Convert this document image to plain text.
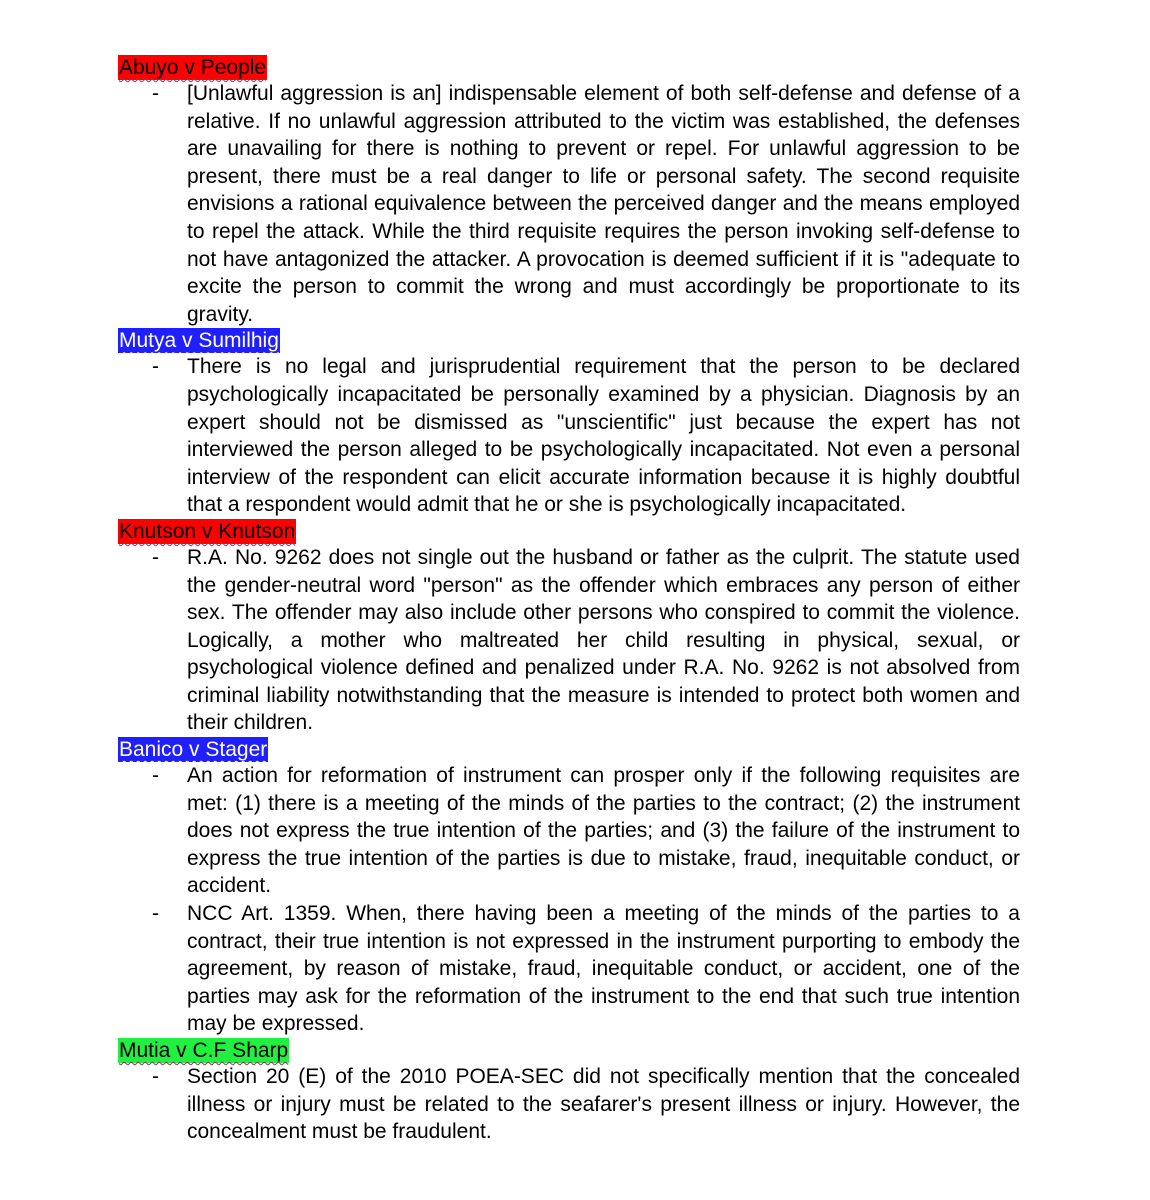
Abuyo v People
- [Unlawful aggression is an] indispensable element of both self-defense and defense of a relative. If no unlawful aggression attributed to the victim was established, the defenses are unavailing for there is nothing to prevent or repel. For unlawful aggression to be present, there must be a real danger to life or personal safety. The second requisite envisions a rational equivalence between the perceived danger and the means employed to repel the attack. While the third requisite requires the person invoking self-defense to not have antagonized the attacker. A provocation is deemed sufficient if it is "adequate to excite the person to commit the wrong and must accordingly be proportionate to its gravity.
Mutya v Sumilhig
- There is no legal and jurisprudential requirement that the person to be declared psychologically incapacitated be personally examined by a physician. Diagnosis by an expert should not be dismissed as "unscientific" just because the expert has not interviewed the person alleged to be psychologically incapacitated. Not even a personal interview of the respondent can elicit accurate information because it is highly doubtful that a respondent would admit that he or she is psychologically incapacitated.
Knutson v Knutson
- R.A. No. 9262 does not single out the husband or father as the culprit. The statute used the gender-neutral word "person" as the offender which embraces any person of either sex. The offender may also include other persons who conspired to commit the violence. Logically, a mother who maltreated her child resulting in physical, sexual, or psychological violence defined and penalized under R.A. No. 9262 is not absolved from criminal liability notwithstanding that the measure is intended to protect both women and their children.
Banico v Stager
- An action for reformation of instrument can prosper only if the following requisites are met: (1) there is a meeting of the minds of the parties to the contract; (2) the instrument does not express the true intention of the parties; and (3) the failure of the instrument to express the true intention of the parties is due to mistake, fraud, inequitable conduct, or accident.
- NCC Art. 1359. When, there having been a meeting of the minds of the parties to a contract, their true intention is not expressed in the instrument purporting to embody the agreement, by reason of mistake, fraud, inequitable conduct, or accident, one of the parties may ask for the reformation of the instrument to the end that such true intention may be expressed.
Mutia v C.F Sharp
- Section 20 (E) of the 2010 POEA-SEC did not specifically mention that the concealed illness or injury must be related to the seafarer's present illness or injury. However, the concealment must be fraudulent.
